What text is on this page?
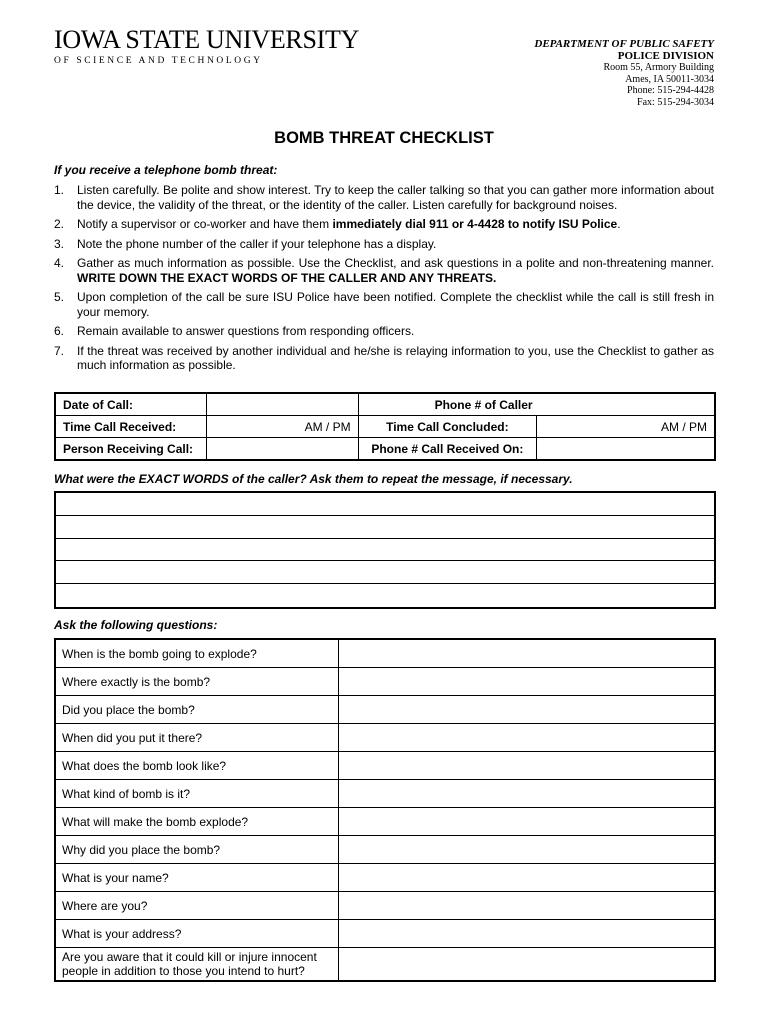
IOWA STATE UNIVERSITY
OF SCIENCE AND TECHNOLOGY
DEPARTMENT OF PUBLIC SAFETY
POLICE DIVISION
Room 55, Armory Building
Ames, IA 50011-3034
Phone: 515-294-4428
Fax: 515-294-3034
BOMB THREAT CHECKLIST
If you receive a telephone bomb threat:
1. Listen carefully. Be polite and show interest. Try to keep the caller talking so that you can gather more information about the device, the validity of the threat, or the identity of the caller. Listen carefully for background noises.
2. Notify a supervisor or co-worker and have them immediately dial 911 or 4-4428 to notify ISU Police.
3. Note the phone number of the caller if your telephone has a display.
4. Gather as much information as possible. Use the Checklist, and ask questions in a polite and non-threatening manner. WRITE DOWN THE EXACT WORDS OF THE CALLER AND ANY THREATS.
5. Upon completion of the call be sure ISU Police have been notified. Complete the checklist while the call is still fresh in your memory.
6. Remain available to answer questions from responding officers.
7. If the threat was received by another individual and he/she is relaying information to you, use the Checklist to gather as much information as possible.
Date of Call:		Phone # of Caller	
Time Call Received:	AM / PM	Time Call Concluded:	AM / PM
Person Receiving Call:		Phone # Call Received On:	
What were the EXACT WORDS of the caller? Ask them to repeat the message, if necessary.
Ask the following questions:
When is the bomb going to explode?	
Where exactly is the bomb?	
Did you place the bomb?	
When did you put it there?	
What does the bomb look like?	
What kind of bomb is it?	
What will make the bomb explode?	
Why did you place the bomb?	
What is your name?	
Where are you?	
What is your address?	
Are you aware that it could kill or injure innocent people in addition to those you intend to hurt?	
